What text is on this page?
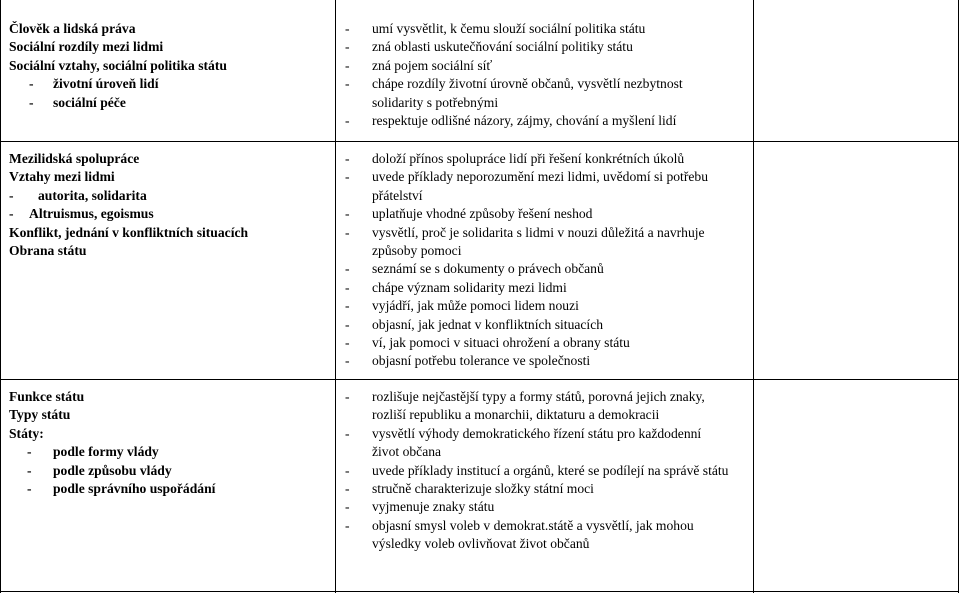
Člověk a lidská práva
Sociální rozdíly mezi lidmi
Sociální vztahy, sociální politika státu
- životní úroveň lidí
- sociální péče
-	umí vysvětlit, k čemu slouží sociální politika státu
-	zná oblasti uskutečňování sociální politiky státu
-	zná pojem sociální síť
-	chápe rozdíly životní úrovně občanů, vysvětlí nezbytnost solidarity s potřebnými
-	respektuje odlišné názory, zájmy, chování a myšlení lidí
Mezilidská spolupráce
Vztahy mezi lidmi
- autorita, solidarita
- Altruismus, egoismus
Konflikt, jednání v konfliktních situacích
Obrana státu
-	doloží přínos spolupráce lidí při řešení konkrétních úkolů
-	uvede příklady neporozumění mezi lidmi, uvědomí si potřebu přátelství
-	uplatňuje vhodné způsoby řešení neshod
-	vysvětlí, proč je solidarita s lidmi v nouzi důležitá a navrhuje způsoby pomoci
-	seznámí se s dokumenty o právech občanů
-	chápe význam solidarity mezi lidmi
-	vyjádří, jak může pomoci lidem nouzi
-	objasní, jak jednat v konfliktních situacích
-	ví, jak pomoci v situaci ohrožení a obrany státu
-	objasní potřebu tolerance ve společnosti
Funkce státu
Typy státu
Státy:
- podle formy vlády
- podle způsobu vlády
- podle správního uspořádání
-	rozlišuje nejčastější typy a formy států, porovná jejich znaky, rozliší republiku a monarchii, diktaturu a demokracii
-	vysvětlí výhody demokratického řízení státu pro každodenní život občana
-	uvede příklady institucí a orgánů, které se podílejí na správě státu
-	stručně charakterizuje složky státní moci
-	vyjmenuje znaky státu
-	objasní smysl voleb v demokrat.státě a vysvětlí, jak mohou výsledky voleb ovlivňovat život občanů
